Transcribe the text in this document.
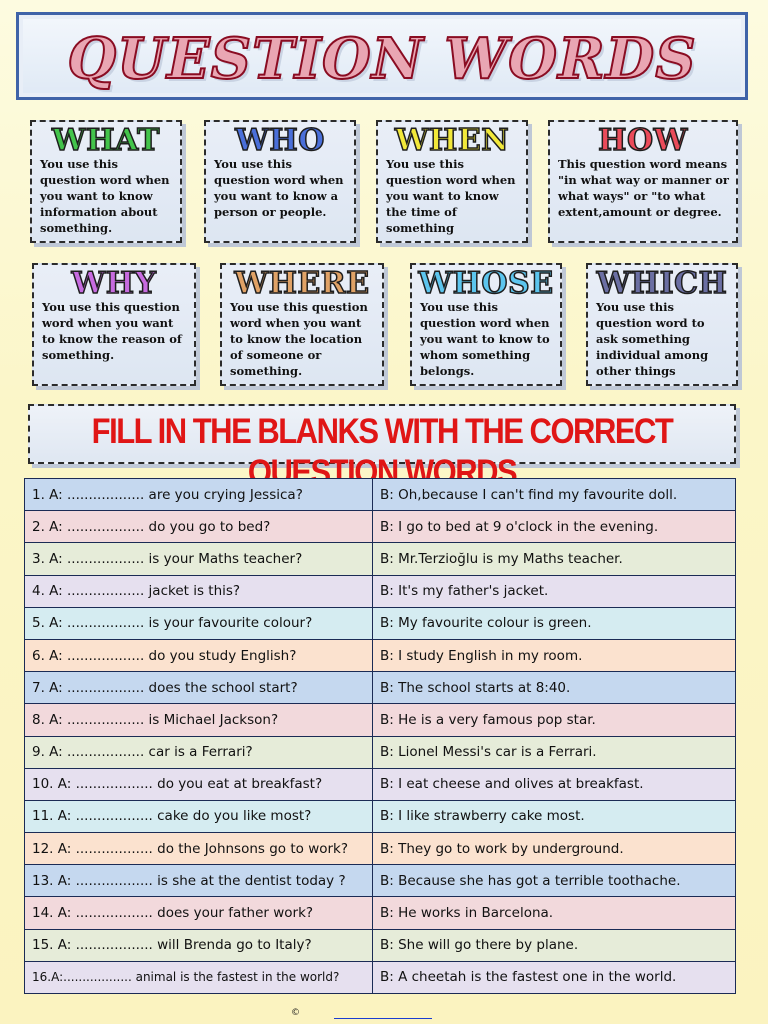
QUESTION WORDS
WHAT
You use this question word when you want to know information about something.
WHO
You use this question word when you want to know a person or people.
WHEN
You use this question word when you want to know the time of something
HOW
This question word means "in what way or manner or what ways" or "to what extent,amount or degree.
WHY
You use this question word when you want to know the reason of something.
WHERE
You use this question word when you want to know the location of someone or something.
WHOSE
You use this question word when you want to know to whom something belongs.
WHICH
You use this question word to ask something individual among other things
FILL IN THE BLANKS WITH THE CORRECT QUESTION WORDS
1. A: .................. are you crying Jessica?	B: Oh,because I can't find my favourite doll.
2. A: .................. do you go to bed?	B: I go to bed at 9 o'clock in the evening.
3. A: .................. is your Maths teacher?	B: Mr.Terzioğlu is my Maths teacher.
4. A: .................. jacket is this?	B: It's my father's jacket.
5. A: .................. is your favourite colour?	B: My favourite colour is green.
6. A: .................. do you study English?	B: I study English in my room.
7. A: .................. does the school start?	B: The school starts at 8:40.
8. A: .................. is Michael Jackson?	B: He is a very famous pop star.
9. A: .................. car is a Ferrari?	B: Lionel Messi's car is a Ferrari.
10. A: .................. do you eat at breakfast?	B: I eat cheese and olives at breakfast.
11. A: .................. cake do you like most?	B: I like strawberry cake most.
12. A: .................. do the Johnsons go to work?	B: They go to work by underground.
13. A: .................. is she at the dentist today ?	B: Because she has got a terrible toothache.
14. A: .................. does your father work?	B: He works in Barcelona.
15. A: .................. will Brenda go to Italy?	B: She will go there by plane.
16.A:.................. animal is the fastest in the world?	B: A cheetah is the fastest one in the world.
©
